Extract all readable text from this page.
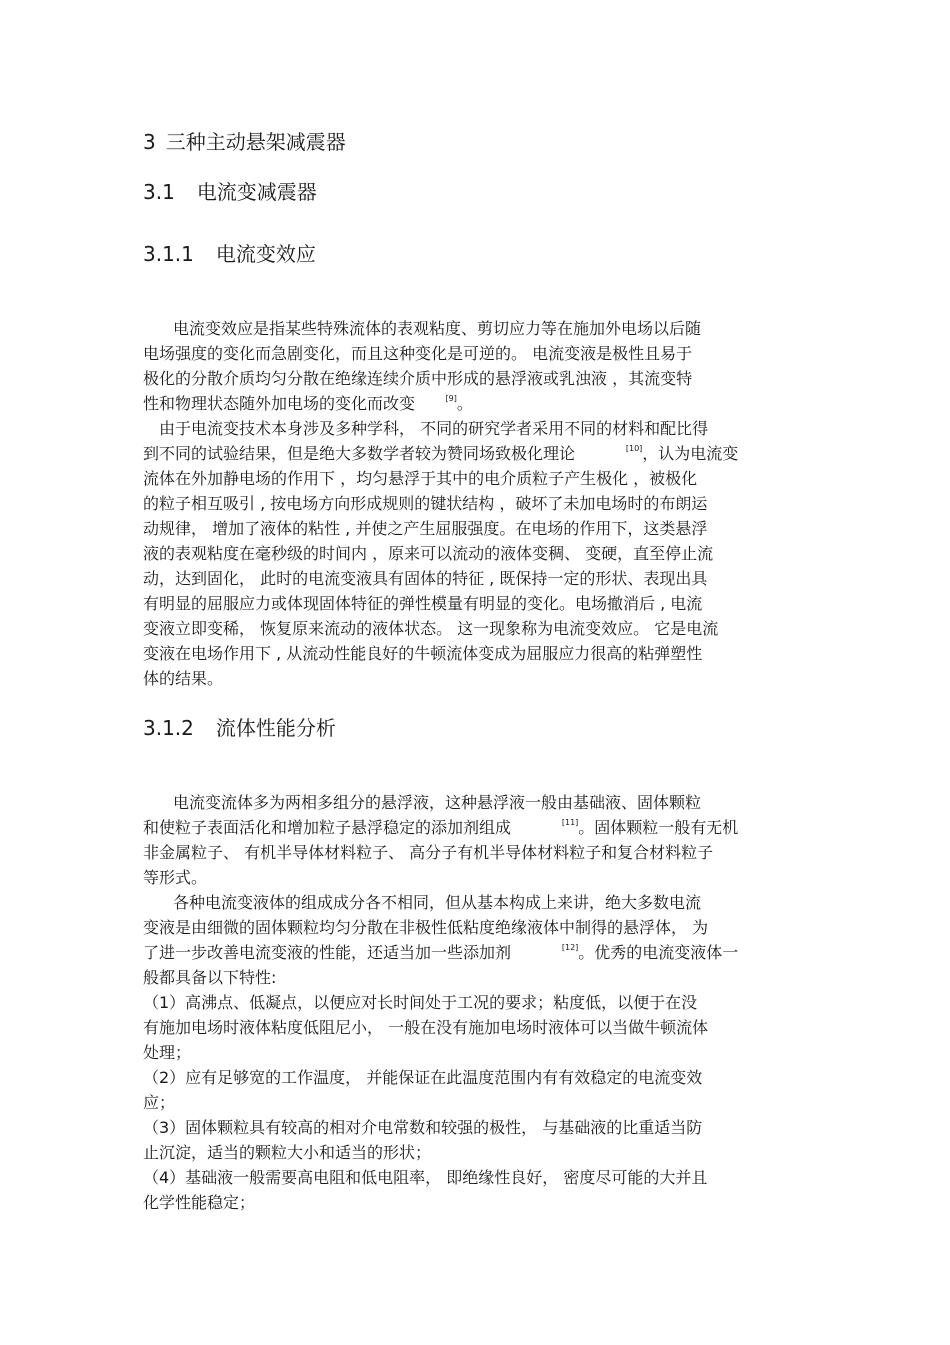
3 三种主动悬架减震器
3.1 电流变减震器
3.1.1 电流变效应
电流变效应是指某些特殊流体的表观粘度、剪切应力等在施加外电场以后随
电场强度的变化而急剧变化，而且这种变化是可逆的。 电流变液是极性且易于
极化的分散介质均匀分散在绝缘连续介质中形成的悬浮液或乳浊液 ，其流变特
性和物理状态随外加电场的变化而改变	[9]。
由于电流变技术本身涉及多种学科， 不同的研究学者采用不同的材料和配比得
到不同的试验结果，但是绝大多数学者较为赞同场致极化理论	[10]，认为电流变
流体在外加静电场的作用下 ，均匀悬浮于其中的电介质粒子产生极化 ，被极化
的粒子相互吸引 , 按电场方向形成规则的键状结构 ，破坏了未加电场时的布朗运
动规律， 增加了液体的粘性 , 并使之产生屈服强度。在电场的作用下，这类悬浮
液的表观粘度在毫秒级的时间内 ，原来可以流动的液体变稠、 变硬，直至停止流
动，达到固化， 此时的电流变液具有固体的特征 , 既保持一定的形状、表现出具
有明显的屈服应力或体现固体特征的弹性模量有明显的变化。电场撤消后 , 电流
变液立即变稀， 恢复原来流动的液体状态。 这一现象称为电流变效应。 它是电流
变液在电场作用下 , 从流动性能良好的牛顿流体变成为屈服应力很高的粘弹塑性
体的结果。
3.1.2 流体性能分析
电流变流体多为两相多组分的悬浮液，这种悬浮液一般由基础液、固体颗粒
和使粒子表面活化和增加粒子悬浮稳定的添加剂组成	[11]。固体颗粒一般有无机
非金属粒子、 有机半导体材料粒子、 高分子有机半导体材料粒子和复合材料粒子
等形式。
各种电流变液体的组成成分各不相同，但从基本构成上来讲，绝大多数电流
变液是由细微的固体颗粒均匀分散在非极性低粘度绝缘液体中制得的悬浮体， 为
了进一步改善电流变液的性能，还适当加一些添加剂	[12]。优秀的电流变液体一
般都具备以下特性:
（1）高沸点、低凝点，以便应对长时间处于工况的要求；粘度低，以便于在没
有施加电场时液体粘度低阻尼小， 一般在没有施加电场时液体可以当做牛顿流体
处理；
（2）应有足够宽的工作温度， 并能保证在此温度范围内有有效稳定的电流变效
应；
（3）固体颗粒具有较高的相对介电常数和较强的极性， 与基础液的比重适当防
止沉淀，适当的颗粒大小和适当的形状；
（4）基础液一般需要高电阻和低电阻率， 即绝缘性良好， 密度尽可能的大并且
化学性能稳定；
